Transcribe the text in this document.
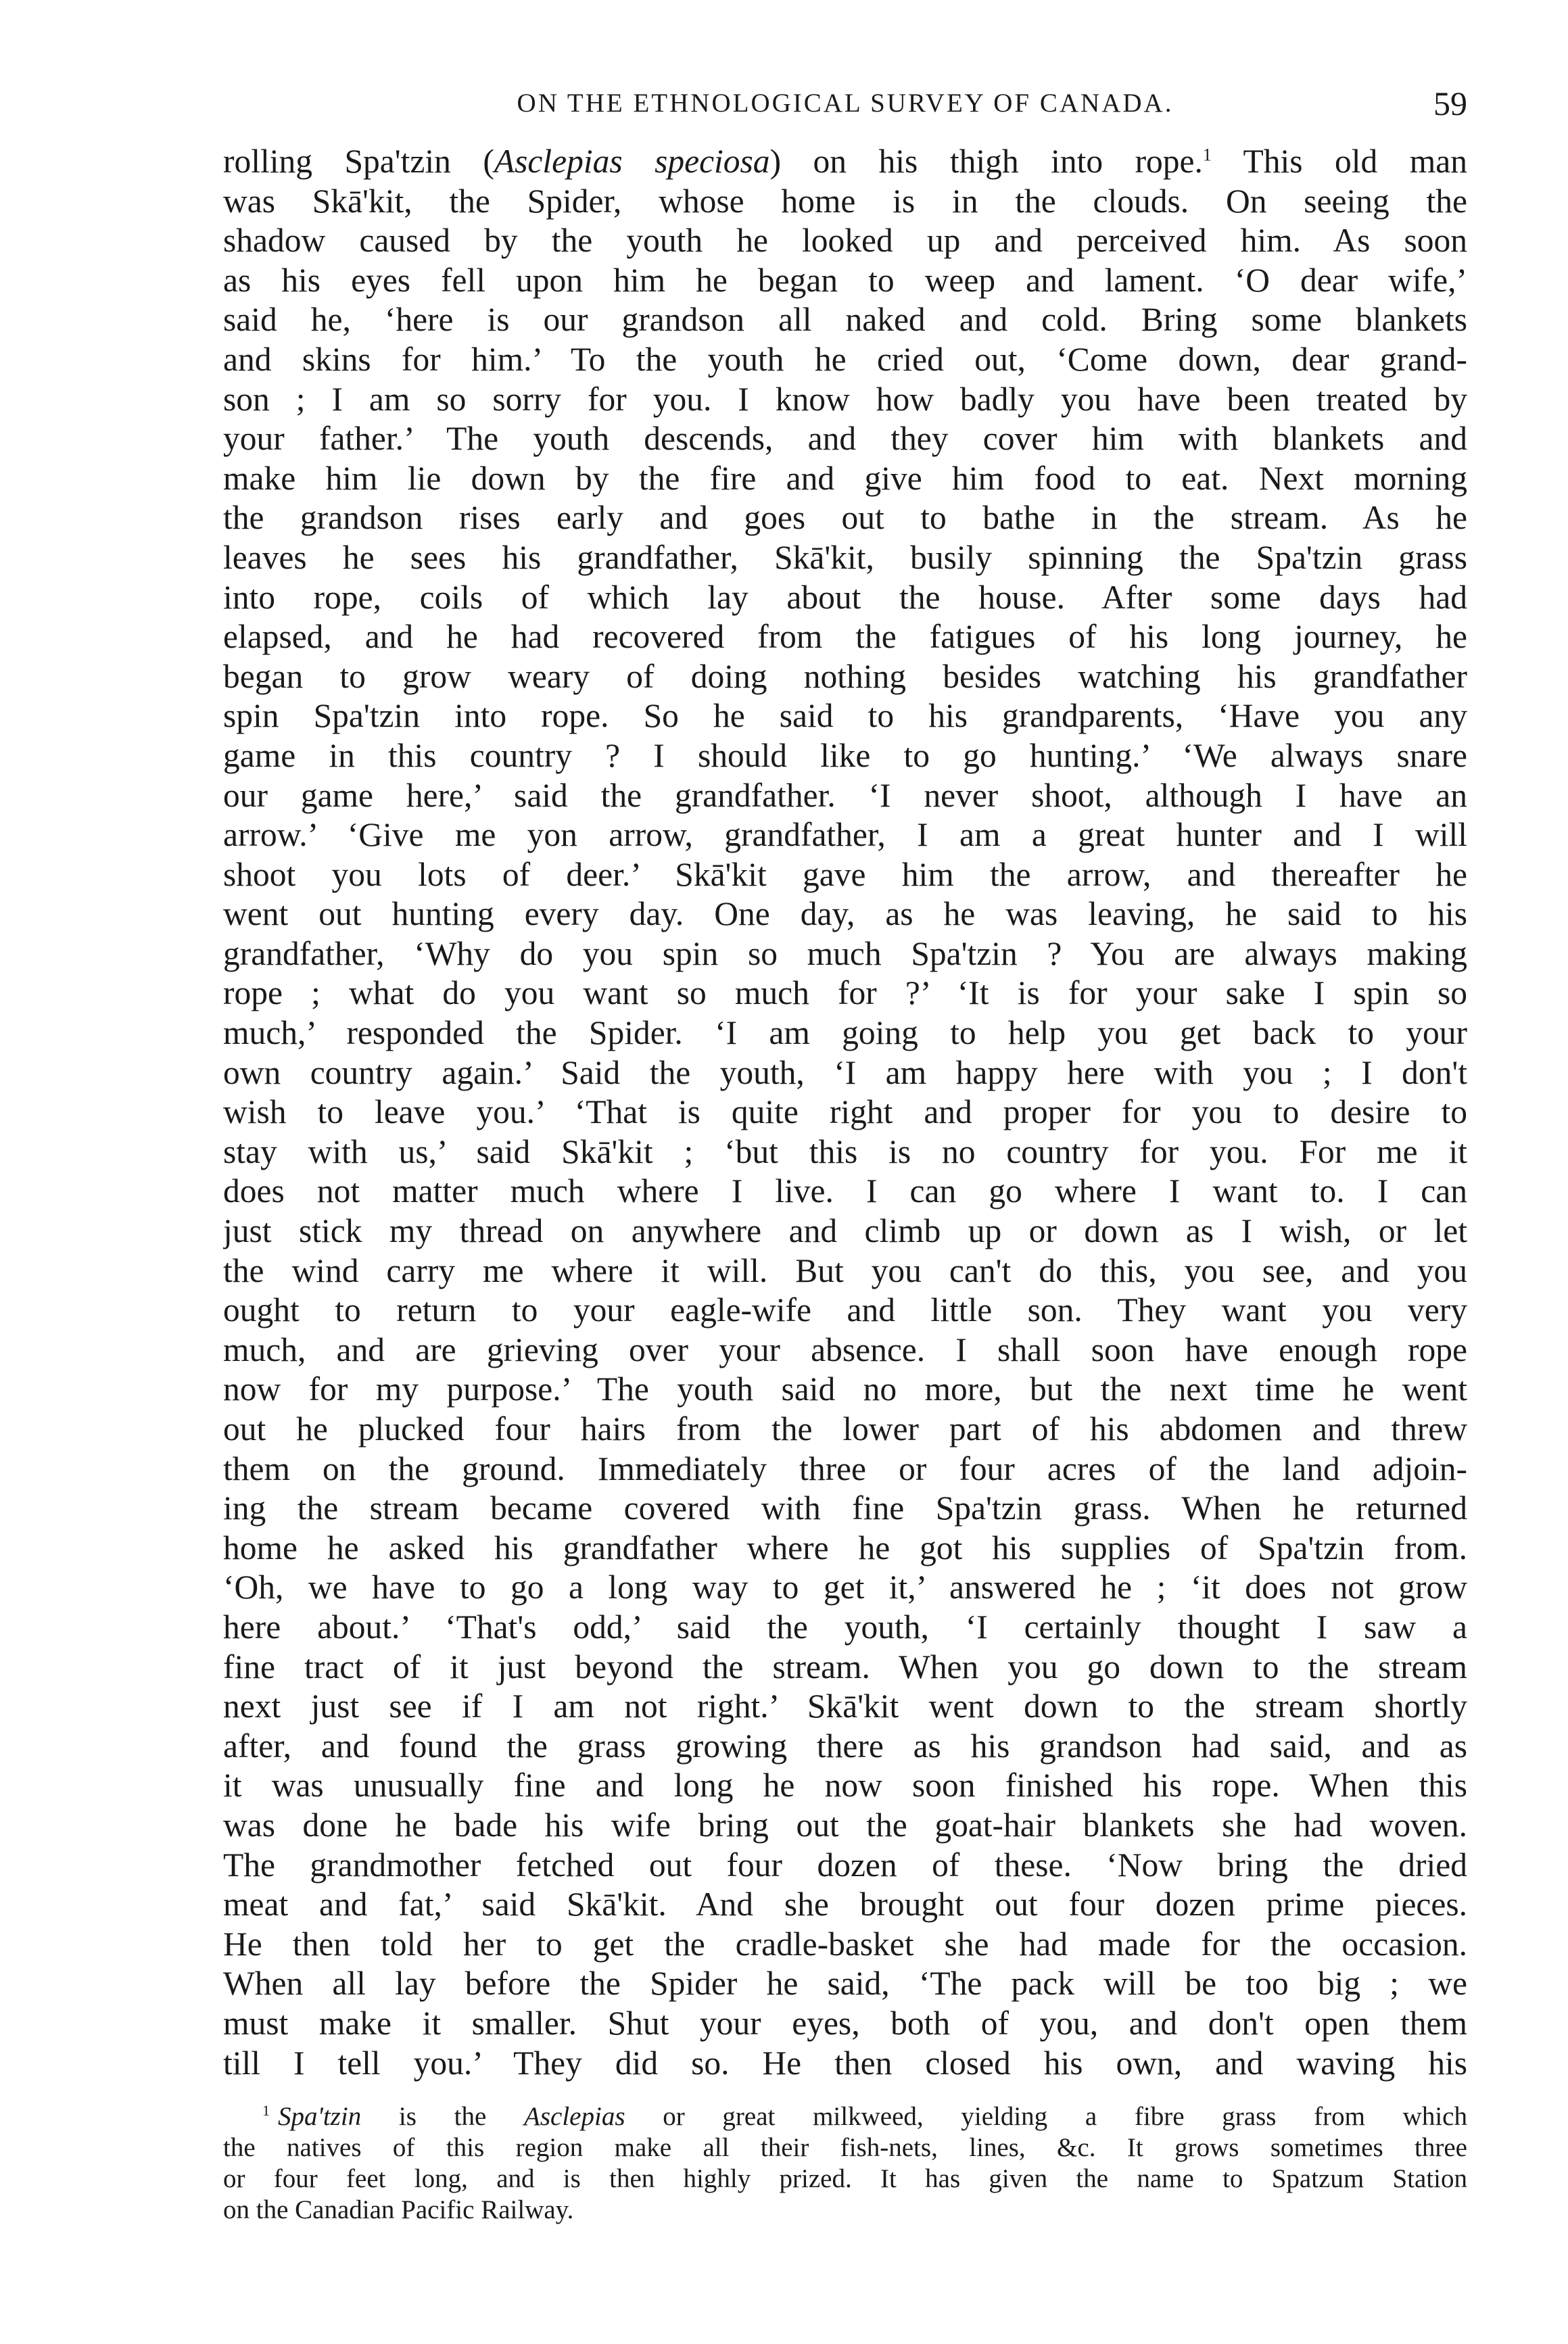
ON THE ETHNOLOGICAL SURVEY OF CANADA.	59
rolling Spa'tzin (Asclepias speciosa) on his thigh into rope.$^1$ This old man
was Skā'kit, the Spider, whose home is in the clouds. On seeing the
shadow caused by the youth he looked up and perceived him. As soon
as his eyes fell upon him he began to weep and lament. ‘O dear wife,’
said he, ‘here is our grandson all naked and cold. Bring some blankets
and skins for him.’ To the youth he cried out, ‘Come down, dear grand-
son ; I am so sorry for you. I know how badly you have been treated by
your father.’ The youth descends, and they cover him with blankets and
make him lie down by the fire and give him food to eat. Next morning
the grandson rises early and goes out to bathe in the stream. As he
leaves he sees his grandfather, Skā'kit, busily spinning the Spa'tzin grass
into rope, coils of which lay about the house. After some days had
elapsed, and he had recovered from the fatigues of his long journey, he
began to grow weary of doing nothing besides watching his grandfather
spin Spa'tzin into rope. So he said to his grandparents, ‘Have you any
game in this country ? I should like to go hunting.’ ‘We always snare
our game here,’ said the grandfather. ‘I never shoot, although I have an
arrow.’ ‘Give me yon arrow, grandfather, I am a great hunter and I will
shoot you lots of deer.’ Skā'kit gave him the arrow, and thereafter he
went out hunting every day. One day, as he was leaving, he said to his
grandfather, ‘Why do you spin so much Spa'tzin ? You are always making
rope ; what do you want so much for ?’ ‘It is for your sake I spin so
much,’ responded the Spider. ‘I am going to help you get back to your
own country again.’ Said the youth, ‘I am happy here with you ; I don't
wish to leave you.’ ‘That is quite right and proper for you to desire to
stay with us,’ said Skā'kit ; ‘but this is no country for you. For me it
does not matter much where I live. I can go where I want to. I can
just stick my thread on anywhere and climb up or down as I wish, or let
the wind carry me where it will. But you can't do this, you see, and you
ought to return to your eagle-wife and little son. They want you very
much, and are grieving over your absence. I shall soon have enough rope
now for my purpose.’ The youth said no more, but the next time he went
out he plucked four hairs from the lower part of his abdomen and threw
them on the ground. Immediately three or four acres of the land adjoin-
ing the stream became covered with fine Spa'tzin grass. When he returned
home he asked his grandfather where he got his supplies of Spa'tzin from.
‘Oh, we have to go a long way to get it,’ answered he ; ‘it does not grow
here about.’ ‘That's odd,’ said the youth, ‘I certainly thought I saw a
fine tract of it just beyond the stream. When you go down to the stream
next just see if I am not right.’ Skā'kit went down to the stream shortly
after, and found the grass growing there as his grandson had said, and as
it was unusually fine and long he now soon finished his rope. When this
was done he bade his wife bring out the goat-hair blankets she had woven.
The grandmother fetched out four dozen of these. ‘Now bring the dried
meat and fat,’ said Skā'kit. And she brought out four dozen prime pieces.
He then told her to get the cradle-basket she had made for the occasion.
When all lay before the Spider he said, ‘The pack will be too big ; we
must make it smaller. Shut your eyes, both of you, and don't open them
till I tell you.’ They did so. He then closed his own, and waving his
$^1$ Spa'tzin is the Asclepias or great milkweed, yielding a fibre grass from which
the natives of this region make all their fish-nets, lines, &c. It grows sometimes three
or four feet long, and is then highly prized. It has given the name to Spatzum Station
on the Canadian Pacific Railway.
